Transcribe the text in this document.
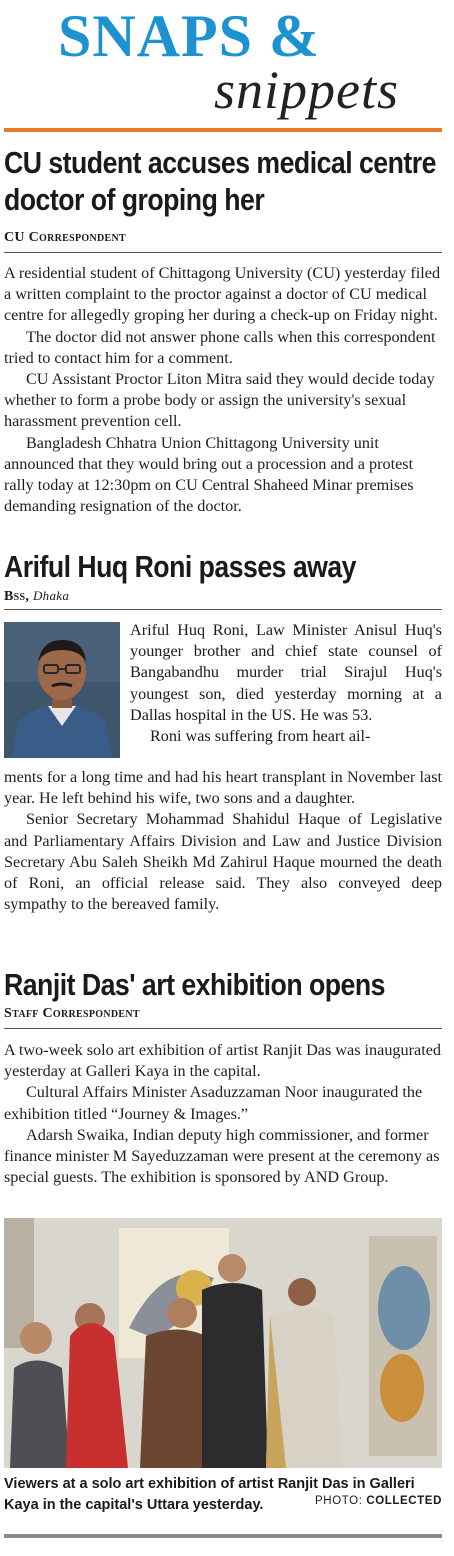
SNAPS &
snippets
CU student accuses medical centre
doctor of groping her
CU Correspondent

A residential student of Chittagong University (CU) yesterday filed a written complaint to the proctor against a doctor of CU medical centre for allegedly groping her during a check-up on Friday night.

The doctor did not answer phone calls when this correspondent tried to contact him for a comment.

CU Assistant Proctor Liton Mitra said they would decide today whether to form a probe body or assign the university's sexual harassment prevention cell.

Bangladesh Chhatra Union Chittagong University unit announced that they would bring out a procession and a protest rally today at 12:30pm on CU Central Shaheed Minar premises demanding resignation of the doctor.

Ariful Huq Roni passes away
Bss, Dhaka

Ariful Huq Roni, Law Minister Anisul Huq's younger brother and chief state counsel of Bangabandhu murder trial Sirajul Huq's youngest son, died yesterday morning at a Dallas hospital in the US. He was 53.

Roni was suffering from heart ail-

ments for a long time and had his heart transplant in November last year. He left behind his wife, two sons and a daughter.

Senior Secretary Mohammad Shahidul Haque of Legislative and Parliamentary Affairs Division and Law and Justice Division Secretary Abu Saleh Sheikh Md Zahirul Haque mourned the death of Roni, an official release said. They also conveyed deep sympathy to the bereaved family.

Ranjit Das' art exhibition opens
Staff Correspondent

A two-week solo art exhibition of artist Ranjit Das was inaugurated yesterday at Galleri Kaya in the capital.

Cultural Affairs Minister Asaduzzaman Noor inaugurated the exhibition titled “Journey & Images.”

Adarsh Swaika, Indian deputy high commissioner, and former finance minister M Sayeduzzaman were present at the ceremony as special guests. The exhibition is sponsored by AND Group.

Viewers at a solo art exhibition of artist Ranjit Das in Galleri
Kaya in the capital's Uttara yesterday.	PHOTO: COLLECTED
